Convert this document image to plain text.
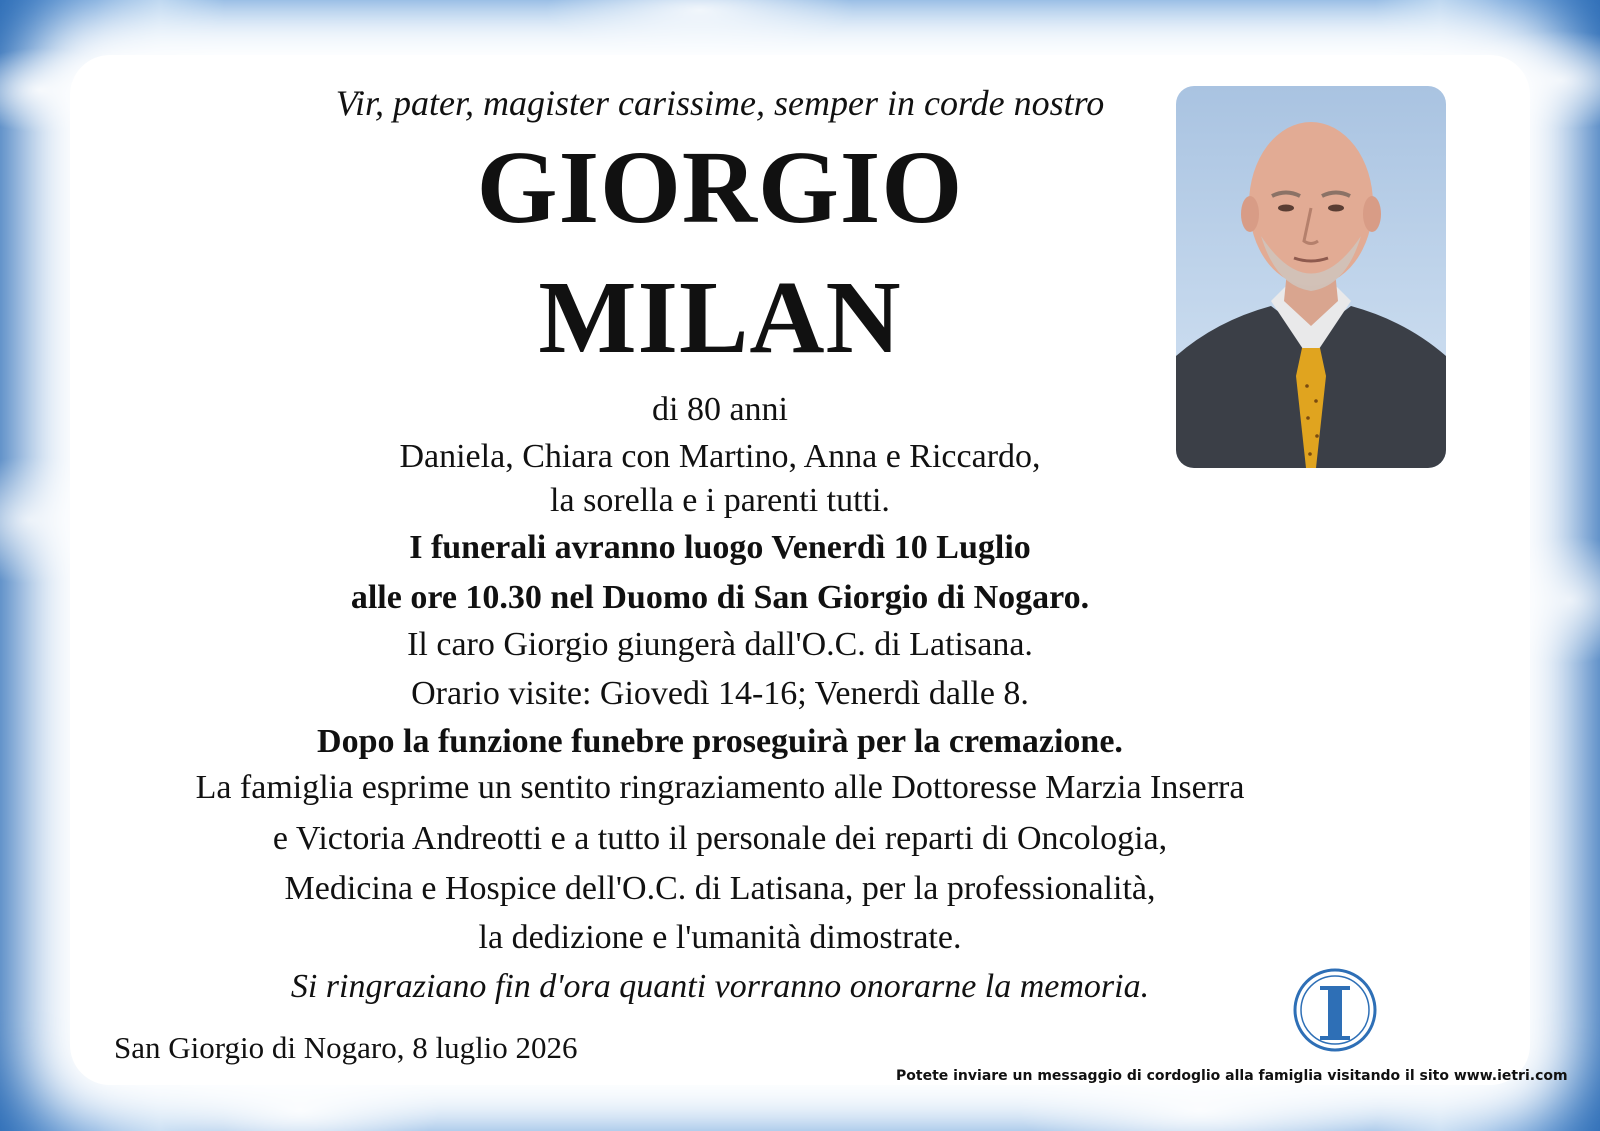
Vir, pater, magister carissime, semper in corde nostro
GIORGIO
MILAN
di 80 anni
Daniela, Chiara con Martino, Anna e Riccardo,
la sorella e i parenti tutti.
I funerali avranno luogo Venerdì 10 Luglio
alle ore 10.30 nel Duomo di San Giorgio di Nogaro.
Il caro Giorgio giungerà dall'O.C. di Latisana.
Orario visite: Giovedì 14-16; Venerdì dalle 8.
Dopo la funzione funebre proseguirà per la cremazione.
La famiglia esprime un sentito ringraziamento alle Dottoresse Marzia Inserra
e Victoria Andreotti e a tutto il personale dei reparti di Oncologia,
Medicina e Hospice dell'O.C. di Latisana, per la professionalità,
la dedizione e l'umanità dimostrate.
Si ringraziano fin d'ora quanti vorranno onorarne la memoria.
San Giorgio di Nogaro, 8 luglio 2026
Potete inviare un messaggio di cordoglio alla famiglia visitando il sito www.ietri.com
